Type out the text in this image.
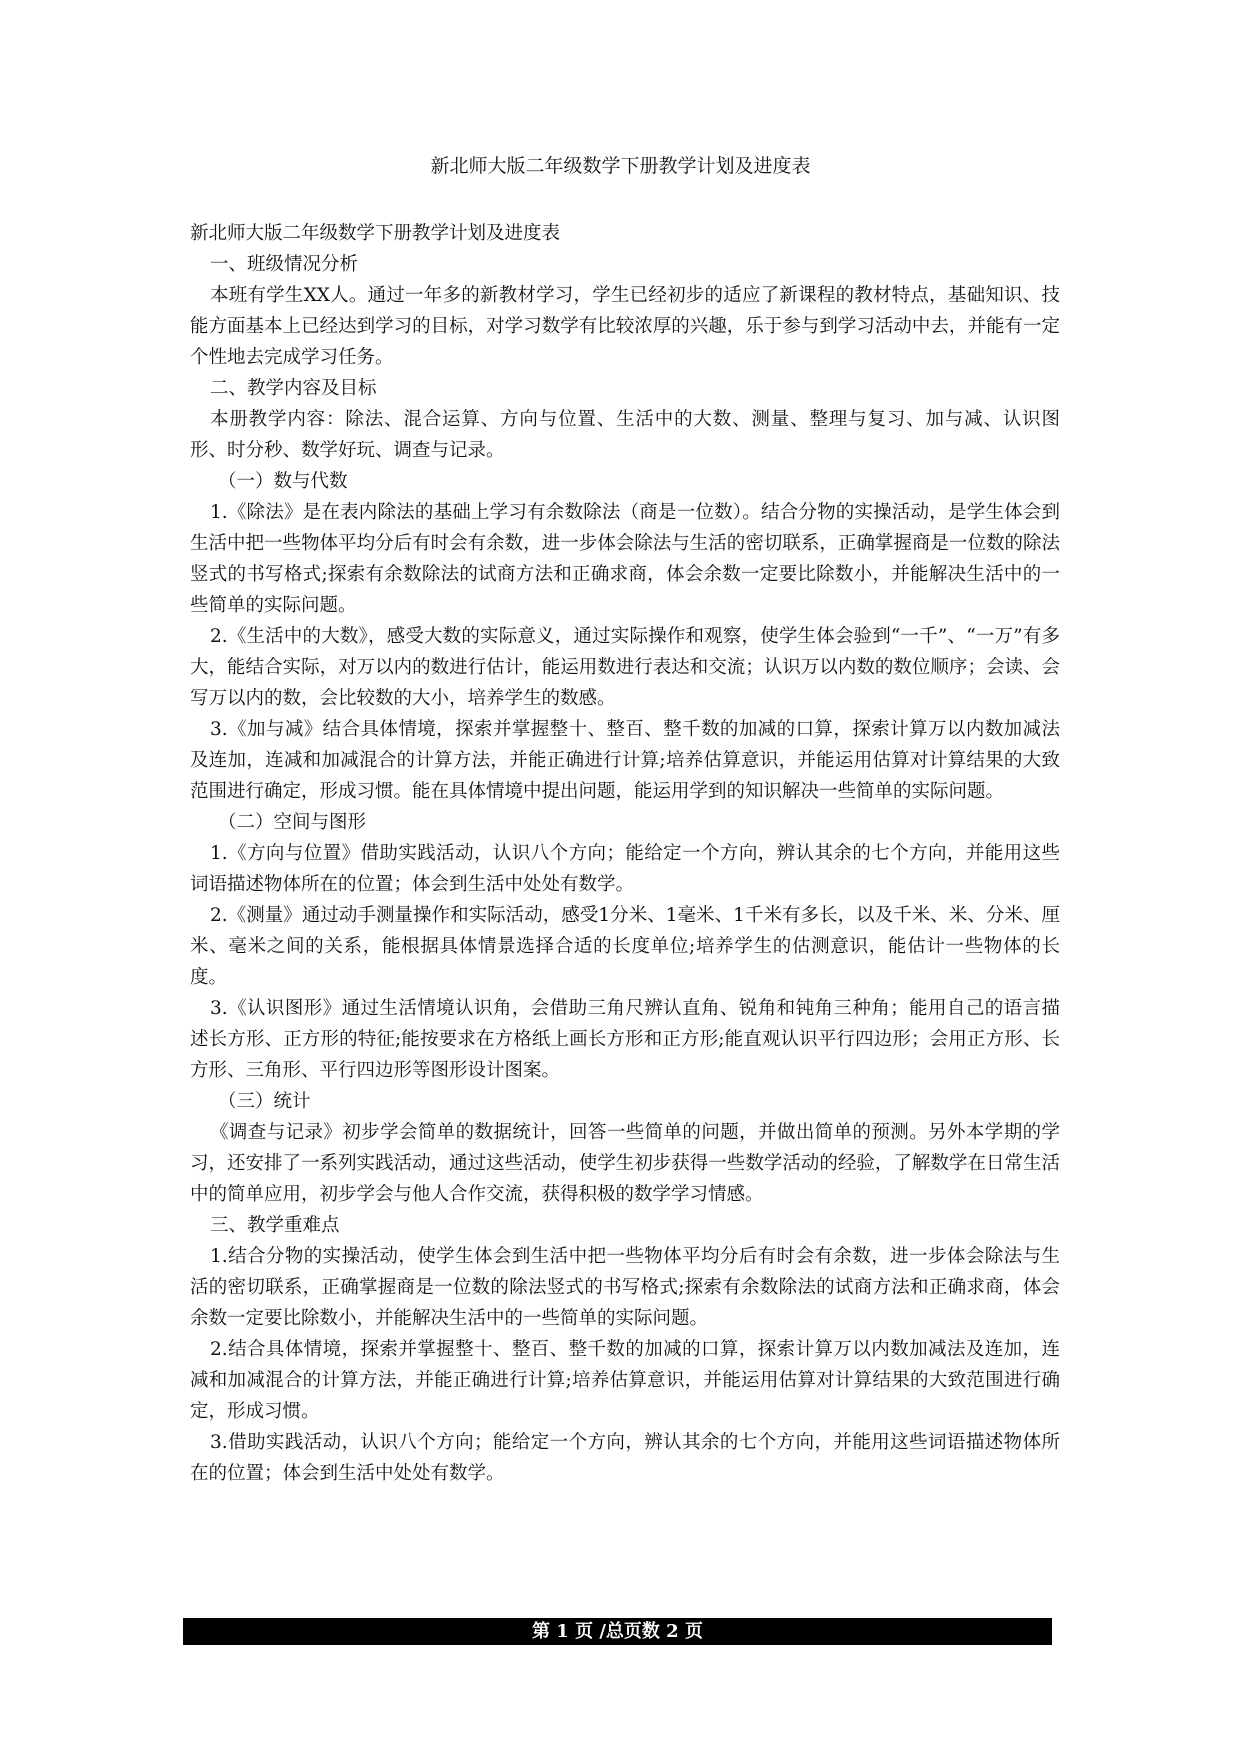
新北师大版二年级数学下册教学计划及进度表

新北师大版二年级数学下册教学计划及进度表

一、班级情况分析

本班有学生XX人。通过一年多的新教材学习，学生已经初步的适应了新课程的教材特点，基础知识、技能方面基本上已经达到学习的目标，对学习数学有比较浓厚的兴趣，乐于参与到学习活动中去，并能有一定个性地去完成学习任务。

二、教学内容及目标

本册教学内容：除法、混合运算、方向与位置、生活中的大数、测量、整理与复习、加与减、认识图形、时分秒、数学好玩、调查与记录。

（一）数与代数

1.《除法》是在表内除法的基础上学习有余数除法（商是一位数）。结合分物的实操活动，是学生体会到生活中把一些物体平均分后有时会有余数，进一步体会除法与生活的密切联系，正确掌握商是一位数的除法竖式的书写格式;探索有余数除法的试商方法和正确求商，体会余数一定要比除数小，并能解决生活中的一些简单的实际问题。

2.《生活中的大数》，感受大数的实际意义，通过实际操作和观察，使学生体会验到“一千”、“一万”有多大，能结合实际，对万以内的数进行估计，能运用数进行表达和交流；认识万以内数的数位顺序；会读、会写万以内的数，会比较数的大小，培养学生的数感。

3.《加与减》结合具体情境，探索并掌握整十、整百、整千数的加减的口算，探索计算万以内数加减法及连加，连减和加减混合的计算方法，并能正确进行计算;培养估算意识，并能运用估算对计算结果的大致范围进行确定，形成习惯。能在具体情境中提出问题，能运用学到的知识解决一些简单的实际问题。

（二）空间与图形

1.《方向与位置》借助实践活动，认识八个方向；能给定一个方向，辨认其余的七个方向，并能用这些词语描述物体所在的位置；体会到生活中处处有数学。

2.《测量》通过动手测量操作和实际活动，感受1分米、1毫米、1千米有多长，以及千米、米、分米、厘米、毫米之间的关系，能根据具体情景选择合适的长度单位;培养学生的估测意识，能估计一些物体的长度。

3.《认识图形》通过生活情境认识角，会借助三角尺辨认直角、锐角和钝角三种角；能用自己的语言描述长方形、正方形的特征;能按要求在方格纸上画长方形和正方形;能直观认识平行四边形；会用正方形、长方形、三角形、平行四边形等图形设计图案。

（三）统计

《调查与记录》初步学会简单的数据统计，回答一些简单的问题，并做出简单的预测。另外本学期的学习，还安排了一系列实践活动，通过这些活动，使学生初步获得一些数学活动的经验，了解数学在日常生活中的简单应用，初步学会与他人合作交流，获得积极的数学学习情感。

三、教学重难点

1.结合分物的实操活动，使学生体会到生活中把一些物体平均分后有时会有余数，进一步体会除法与生活的密切联系，正确掌握商是一位数的除法竖式的书写格式;探索有余数除法的试商方法和正确求商，体会余数一定要比除数小，并能解决生活中的一些简单的实际问题。

2.结合具体情境，探索并掌握整十、整百、整千数的加减的口算，探索计算万以内数加减法及连加，连减和加减混合的计算方法，并能正确进行计算;培养估算意识，并能运用估算对计算结果的大致范围进行确定，形成习惯。

3.借助实践活动，认识八个方向；能给定一个方向，辨认其余的七个方向，并能用这些词语描述物体所在的位置；体会到生活中处处有数学。

第 1 页 /总页数 2 页
